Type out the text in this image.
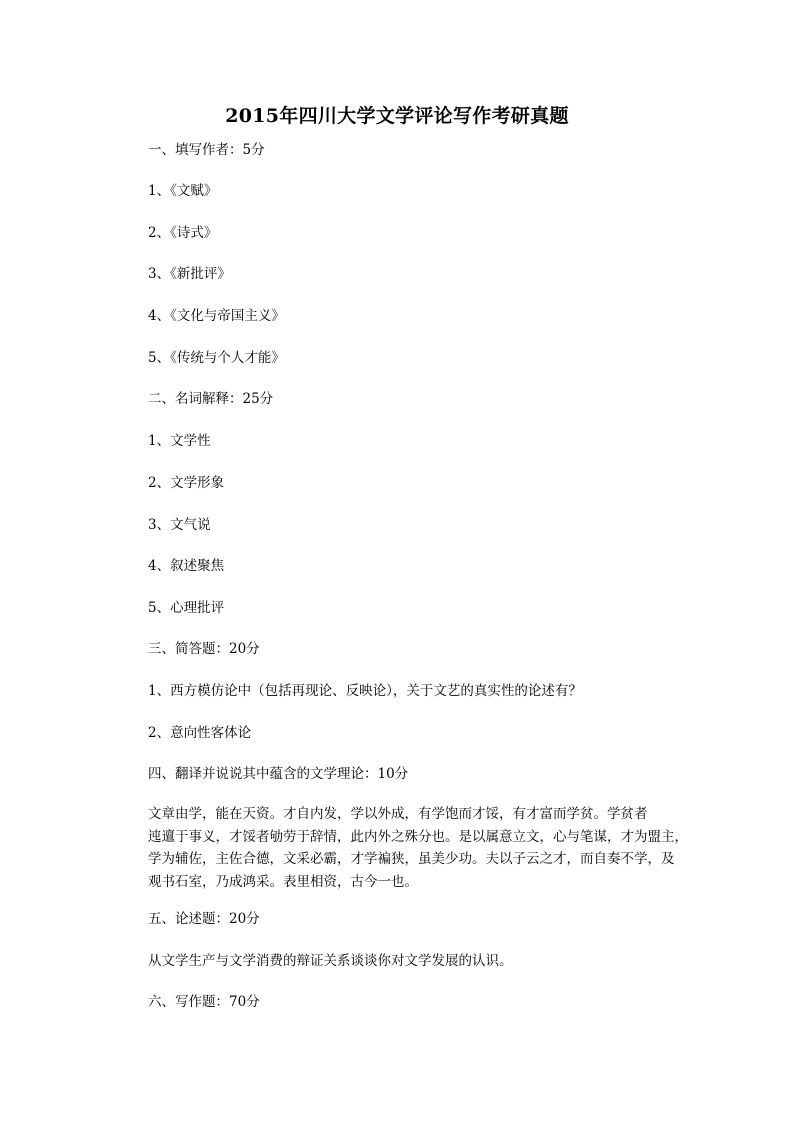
2015年四川大学文学评论写作考研真题
一、填写作者：5分
1、《文赋》
2、《诗式》
3、《新批评》
4、《文化与帝国主义》
5、《传统与个人才能》
二、名词解释：25分
1、文学性
2、文学形象
3、文气说
4、叙述聚焦
5、心理批评
三、简答题：20分
1、西方模仿论中（包括再现论、反映论），关于文艺的真实性的论述有？
2、意向性客体论
四、翻译并说说其中蕴含的文学理论：10分
文章由学，能在天资。才自内发，学以外成，有学饱而才馁，有才富而学贫。学贫者
迍邅于事义，才馁者劬劳于辞情，此内外之殊分也。是以属意立文，心与笔谋，才为盟主，
学为辅佐，主佐合德，文采必霸，才学褊狭，虽美少功。夫以子云之才，而自奏不学，及
观书石室，乃成鸿采。表里相资，古今一也。
五、论述题：20分
从文学生产与文学消费的辩证关系谈谈你对文学发展的认识。
六、写作题：70分
